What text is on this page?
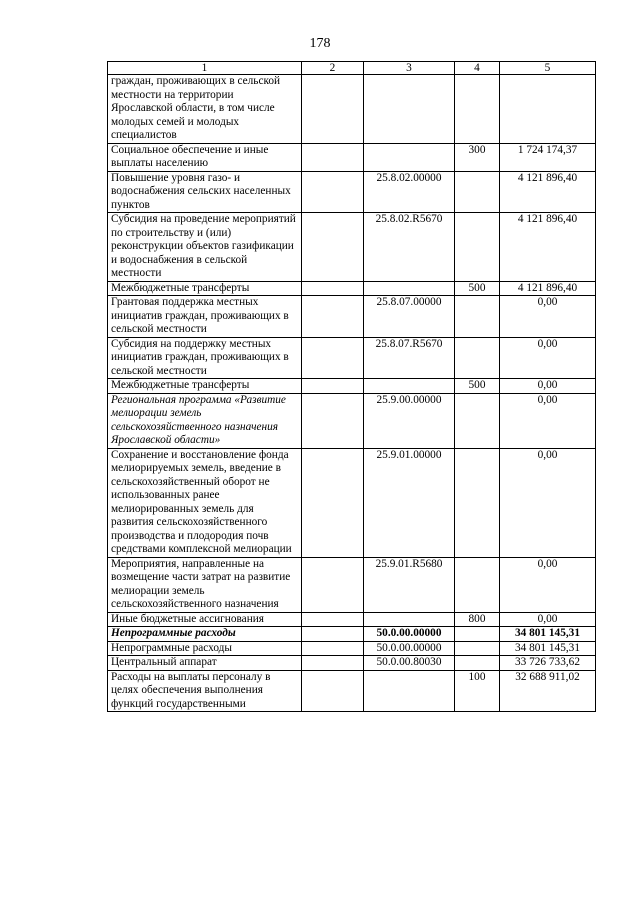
178
1	2	3	4	5
граждан, проживающих в сельской местности на территории Ярославской области, в том числе молодых семей и молодых специалистов				
Социальное обеспечение и иные выплаты населению			300	1 724 174,37
Повышение уровня газо- и водоснабжения сельских населенных пунктов		25.8.02.00000		4 121 896,40
Субсидия на проведение мероприятий по строительству и (или) реконструкции объектов газификации и водоснабжения в сельской местности		25.8.02.R5670		4 121 896,40
Межбюджетные трансферты			500	4 121 896,40
Грантовая поддержка местных инициатив граждан, проживающих в сельской местности		25.8.07.00000		0,00
Субсидия на поддержку местных инициатив граждан, проживающих в сельской местности		25.8.07.R5670		0,00
Межбюджетные трансферты			500	0,00
Региональная программа «Развитие мелиорации земель сельскохозяйственного назначения Ярославской области»		25.9.00.00000		0,00
Сохранение и восстановление фонда мелиорируемых земель, введение в сельскохозяйственный оборот не использованных ранее мелиорированных земель для развития сельскохозяйственного производства и плодородия почв средствами комплексной мелиорации		25.9.01.00000		0,00
Мероприятия, направленные на возмещение части затрат на развитие мелиорации земель сельскохозяйственного назначения		25.9.01.R5680		0,00
Иные бюджетные ассигнования			800	0,00
Непрограммные расходы		50.0.00.00000		34 801 145,31
Непрограммные расходы		50.0.00.00000		34 801 145,31
Центральный аппарат		50.0.00.80030		33 726 733,62
Расходы на выплаты персоналу в целях обеспечения выполнения функций государственными			100	32 688 911,02
